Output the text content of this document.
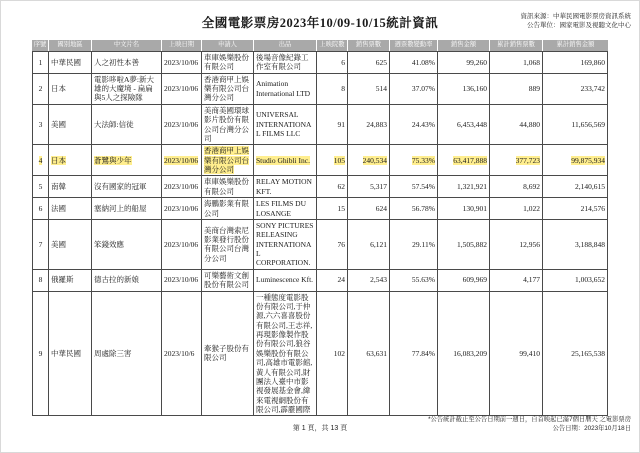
全國電影票房2023年10/09-10/15統計資訊	資訊來源：中華民國電影票房資訊系統
公告單位：國家電影及視聽文化中心
序號	國別地區	中文片名	上映日期	申請人	出品	上映院數	銷售票數	週票數變動率	銷售金額	累計銷售票數	累計銷售金額
1	中華民國	人之初性本善	2023/10/06	車庫娛樂股份有限公司	後場音像紀錄工作室有限公司	6	625	41.08%	99,260	1,068	169,860
2	日本	電影哆啦A夢:新大雄的大魔境 - 扁扁與5人之探險隊	2023/10/06	香港商甲上娛樂有限公司台灣分公司	Animation International LTD	8	514	37.07%	136,160	889	233,742
3	美國	大法師:信徒	2023/10/06	美商美國環球影片股份有限公司台灣分公司	UNIVERSAL INTERNATIONAL FILMS LLC	91	24,883	24.43%	6,453,448	44,880	11,656,569
4	日本	蒼鷺與少年	2023/10/06	香港商甲上娛樂有限公司台灣分公司	Studio Ghibli Inc.	105	240,534	75.33%	63,417,888	377,723	99,875,934
5	南韓	沒有國家的冠軍	2023/10/06	車庫娛樂股份有限公司	RELAY MOTION KFT.	62	5,317	57.54%	1,321,921	8,692	2,140,615
6	法國	塞納河上的船屋	2023/10/06	海鵬影業有限公司	LES FILMS DU LOSANGE	15	624	56.78%	130,901	1,022	214,576
7	美國	笨錢效應	2023/10/06	美商台灣索尼影業發行股份有限公司台灣分公司	SONY PICTURES RELEASING INTERNATIONAL CORPORATION.	76	6,121	29.11%	1,505,882	12,956	3,188,848
8	俄羅斯	德古拉的新娘	2023/10/06	可樂藝術文創股份有限公司	Luminescence Kft.	24	2,543	55.63%	609,969	4,177	1,003,652
9	中華民國	周處除三害	2023/10/6	牽猴子股份有限公司	一種態度電影股份有限公司,于仲源,六六喜喜股份有限公司,王志祥,再現影像製作股份有限公司,狼谷娛樂股份有限公司,高雄市電影館,黃人有限公司,財團法人臺中市影視發展基金會,緯來電視網股份有限公司,霹靂國際	102	63,631	77.84%	16,083,209	99,410	25,165,538
*公告統計截止至公告日期前一週日，自首映起已滿7個日曆天 之電影票房
公告日期：2023年10月18日
第 1 頁，共 13 頁
